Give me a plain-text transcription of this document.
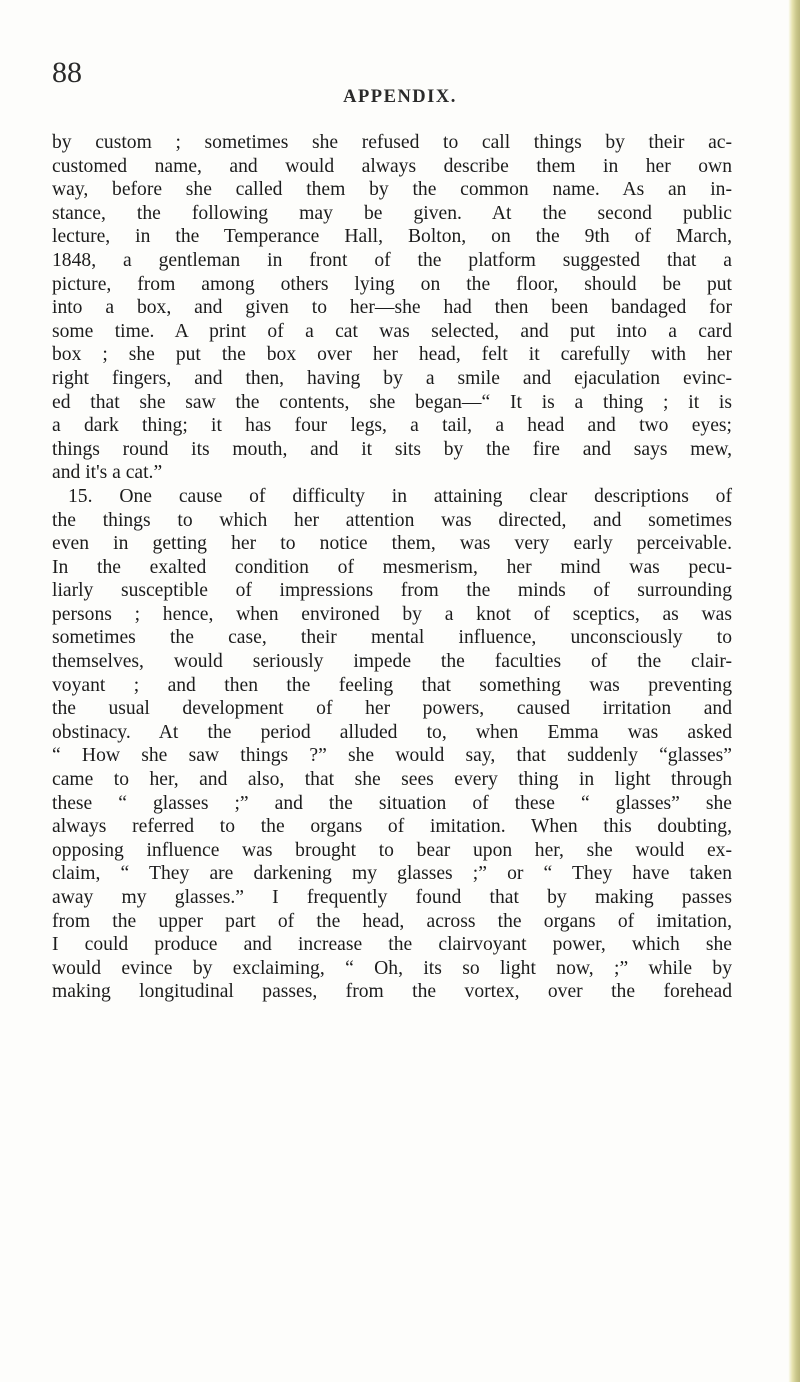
88

APPENDIX.

by custom ; sometimes she refused to call things by their ac-
customed name, and would always describe them in her own
way, before she called them by the common name. As an in-
stance, the following may be given. At the second public
lecture, in the Temperance Hall, Bolton, on the 9th of March,
1848, a gentleman in front of the platform suggested that a
picture, from among others lying on the floor, should be put
into a box, and given to her—she had then been bandaged for
some time. A print of a cat was selected, and put into a card
box ; she put the box over her head, felt it carefully with her
right fingers, and then, having by a smile and ejaculation evinc-
ed that she saw the contents, she began—“ It is a thing ; it is
a dark thing; it has four legs, a tail, a head and two eyes;
things round its mouth, and it sits by the fire and says mew,
and it's a cat.”
15. One cause of difficulty in attaining clear descriptions of
the things to which her attention was directed, and sometimes
even in getting her to notice them, was very early perceivable.
In the exalted condition of mesmerism, her mind was pecu-
liarly susceptible of impressions from the minds of surrounding
persons ; hence, when environed by a knot of sceptics, as was
sometimes the case, their mental influence, unconsciously to
themselves, would seriously impede the faculties of the clair-
voyant ; and then the feeling that something was preventing
the usual development of her powers, caused irritation and
obstinacy. At the period alluded to, when Emma was asked
“ How she saw things ?” she would say, that suddenly “glasses”
came to her, and also, that she sees every thing in light through
these “ glasses ;” and the situation of these “ glasses” she
always referred to the organs of imitation. When this doubting,
opposing influence was brought to bear upon her, she would ex-
claim, “ They are darkening my glasses ;” or “ They have taken
away my glasses.” I frequently found that by making passes
from the upper part of the head, across the organs of imitation,
I could produce and increase the clairvoyant power, which she
would evince by exclaiming, “ Oh, its so light now, ;” while by
making longitudinal passes, from the vortex, over the forehead
